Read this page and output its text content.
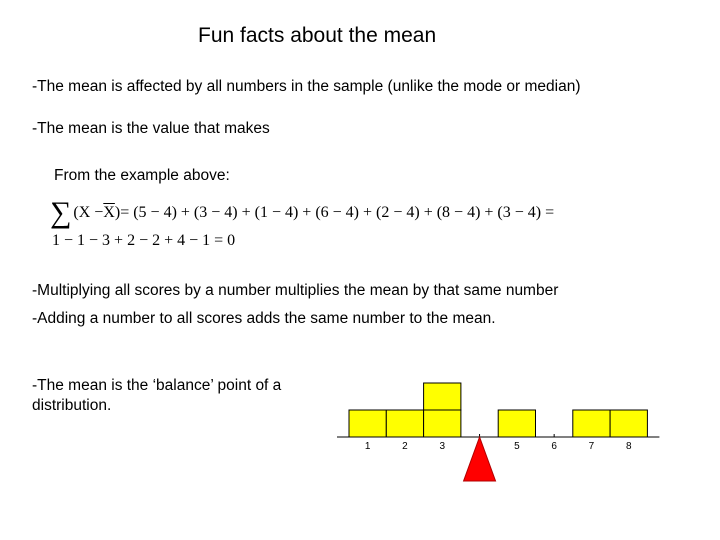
Fun facts about the mean
-The mean is affected by all numbers in the sample (unlike the mode or median)
-The mean is the value that makes
From the example above:
∑ ($X - \overline{X}$ ) = (5 − 4) + (3 − 4) + (1 − 4) + (6 − 4) + (2 − 4) + (8 − 4) + (3 − 4) =
1 − 1 − 3 + 2 − 2 + 4 − 1 = 0
-Multiplying all scores by a number multiplies the mean by that same number
-Adding a number to all scores adds the same number to the mean.
-The mean is the ‘balance’ point of a distribution.
1	2	3	5	6	7	8
